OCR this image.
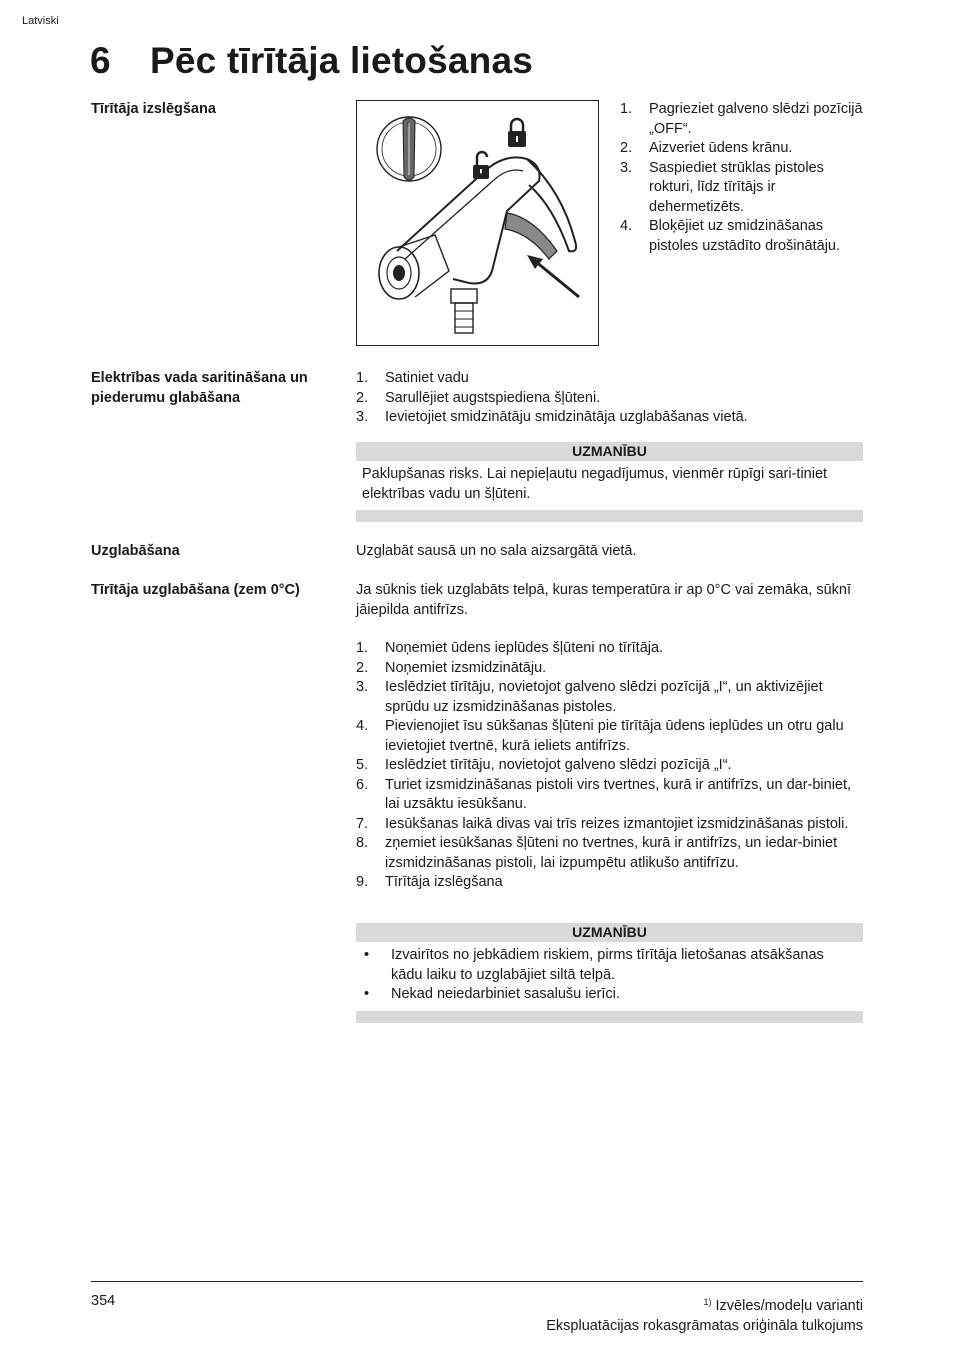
Latviski
6 Pēc tīrītāja lietošanas
Tīrītāja izslēgšana
I
1. Pagrieziet galveno slēdzi pozīcijā „OFF“.
2. Aizveriet ūdens krānu.
3. Saspiediet strūklas pistoles rokturi, līdz tīrītājs ir dehermetizēts.
4. Bloķējiet uz smidzināšanas pistoles uzstādīto drošinātāju.
Elektrības vada saritināšana un piederumu glabāšana
1. Satiniet vadu
2. Sarullējiet augstspiediena šļūteni.
3. Ievietojiet smidzinātāju smidzinātāja uzglabāšanas vietā.
UZMANĪBU
Paklupšanas risks. Lai nepieļautu negadījumus, vienmēr rūpīgi sari-tiniet elektrības vadu un šļūteni.
Uzglabāšana	Uzglabāt sausā un no sala aizsargātā vietā.
Tīrītāja uzglabāšana (zem 0°C)	Ja sūknis tiek uzglabāts telpā, kuras temperatūra ir ap 0°C vai zemāka, sūknī jāiepilda antifrīzs.
1. Noņemiet ūdens ieplūdes šļūteni no tīrītāja.
2. Noņemiet izsmidzinātāju.
3. Ieslēdziet tīrītāju, novietojot galveno slēdzi pozīcijā „I“, un aktivizējiet sprūdu uz izsmidzināšanas pistoles.
4. Pievienojiet īsu sūkšanas šļūteni pie tīrītāja ūdens ieplūdes un otru galu ievietojiet tvertnē, kurā ieliets antifrīzs.
5. Ieslēdziet tīrītāju, novietojot galveno slēdzi pozīcijā „I“.
6. Turiet izsmidzināšanas pistoli virs tvertnes, kurā ir antifrīzs, un dar-biniet, lai uzsāktu iesūkšanu.
7. Iesūkšanas laikā divas vai trīs reizes izmantojiet izsmidzināšanas pistoli.
8. zņemiet iesūkšanas šļūteni no tvertnes, kurā ir antifrīzs, un iedar-biniet izsmidzināšanas pistoli, lai izpumpētu atlikušo antifrīzu.
9. Tīrītāja izslēgšana
UZMANĪBU
• Izvairītos no jebkādiem riskiem, pirms tīrītāja lietošanas atsākšanas kādu laiku to uzglabājiet siltā telpā.
• Nekad neiedarbiniet sasalušu ierīci.
354	$^{1)}$ Izvēles/modeļu varianti
Ekspluatācijas rokasgrāmatas oriģināla tulkojums
